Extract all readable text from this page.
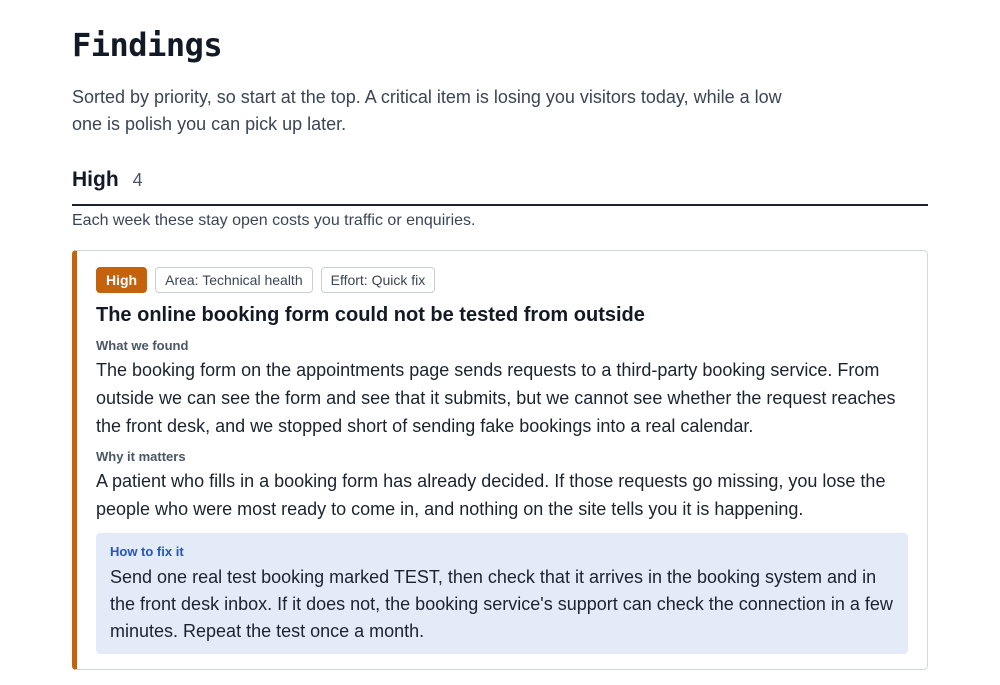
Findings

Sorted by priority, so start at the top. A critical item is losing you visitors today, while a low one is polish you can pick up later.

High 4

Each week these stay open costs you traffic or enquiries.

High	Area: Technical health	Effort: Quick fix
The online booking form could not be tested from outside
What we found

The booking form on the appointments page sends requests to a third-party booking service. From outside we can see the form and see that it submits, but we cannot see whether the request reaches the front desk, and we stopped short of sending fake bookings into a real calendar.

Why it matters

A patient who fills in a booking form has already decided. If those requests go missing, you lose the people who were most ready to come in, and nothing on the site tells you it is happening.

How to fix it

Send one real test booking marked TEST, then check that it arrives in the booking system and in the front desk inbox. If it does not, the booking service's support can check the connection in a few minutes. Repeat the test once a month.
